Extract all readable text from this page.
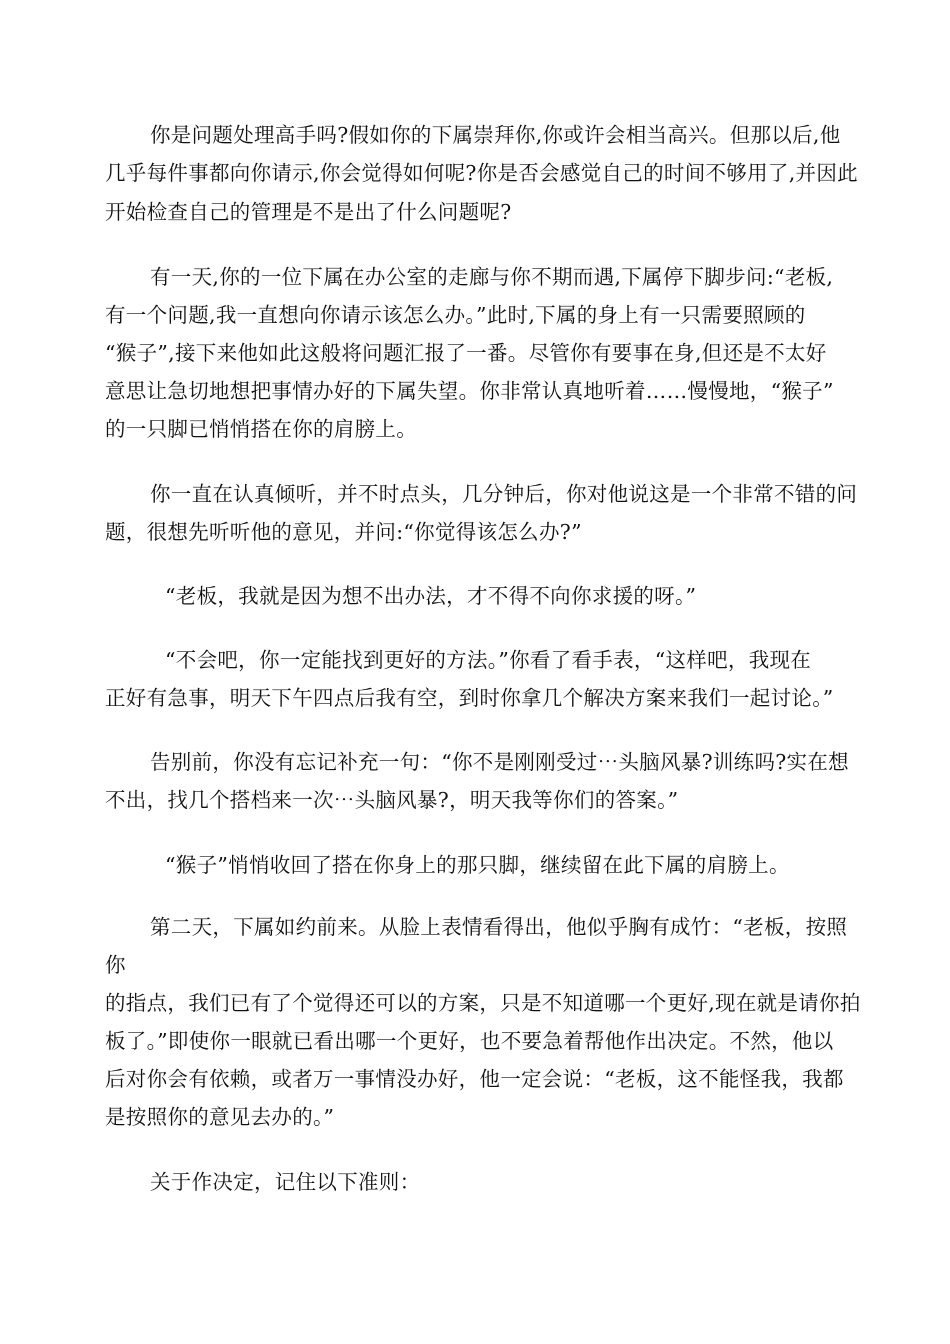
你是问题处理高手吗?假如你的下属崇拜你,你或许会相当高兴。但那以后,他

几乎每件事都向你请示,你会觉得如何呢?你是否会感觉自己的时间不够用了,并因此

开始检查自己的管理是不是出了什么问题呢?

有一天,你的一位下属在办公室的走廊与你不期而遇,下属停下脚步问:“老板,

有一个问题,我一直想向你请示该怎么办。”此时,下属的身上有一只需要照顾的

“猴子”,接下来他如此这般将问题汇报了一番。尽管你有要事在身,但还是不太好

意思让急切地想把事情办好的下属失望。你非常认真地听着……慢慢地，“猴子”

的一只脚已悄悄搭在你的肩膀上。

你一直在认真倾听，并不时点头，几分钟后，你对他说这是一个非常不错的问

题，很想先听听他的意见，并问:“你觉得该怎么办?”

“老板，我就是因为想不出办法，才不得不向你求援的呀。”

“不会吧，你一定能找到更好的方法。”你看了看手表，“这样吧，我现在

正好有急事，明天下午四点后我有空，到时你拿几个解决方案来我们一起讨论。”

告别前，你没有忘记补充一句：“你不是刚刚受过⋯头脑风暴?训练吗?实在想

不出，找几个搭档来一次⋯头脑风暴?，明天我等你们的答案。”

“猴子”悄悄收回了搭在你身上的那只脚，继续留在此下属的肩膀上。

第二天，下属如约前来。从脸上表情看得出，他似乎胸有成竹：“老板，按照

你

的指点，我们已有了个觉得还可以的方案，只是不知道哪一个更好,现在就是请你拍

板了。”即使你一眼就已看出哪一个更好，也不要急着帮他作出决定。不然，他以

后对你会有依赖，或者万一事情没办好，他一定会说：“老板，这不能怪我，我都

是按照你的意见去办的。”

关于作决定，记住以下准则：
